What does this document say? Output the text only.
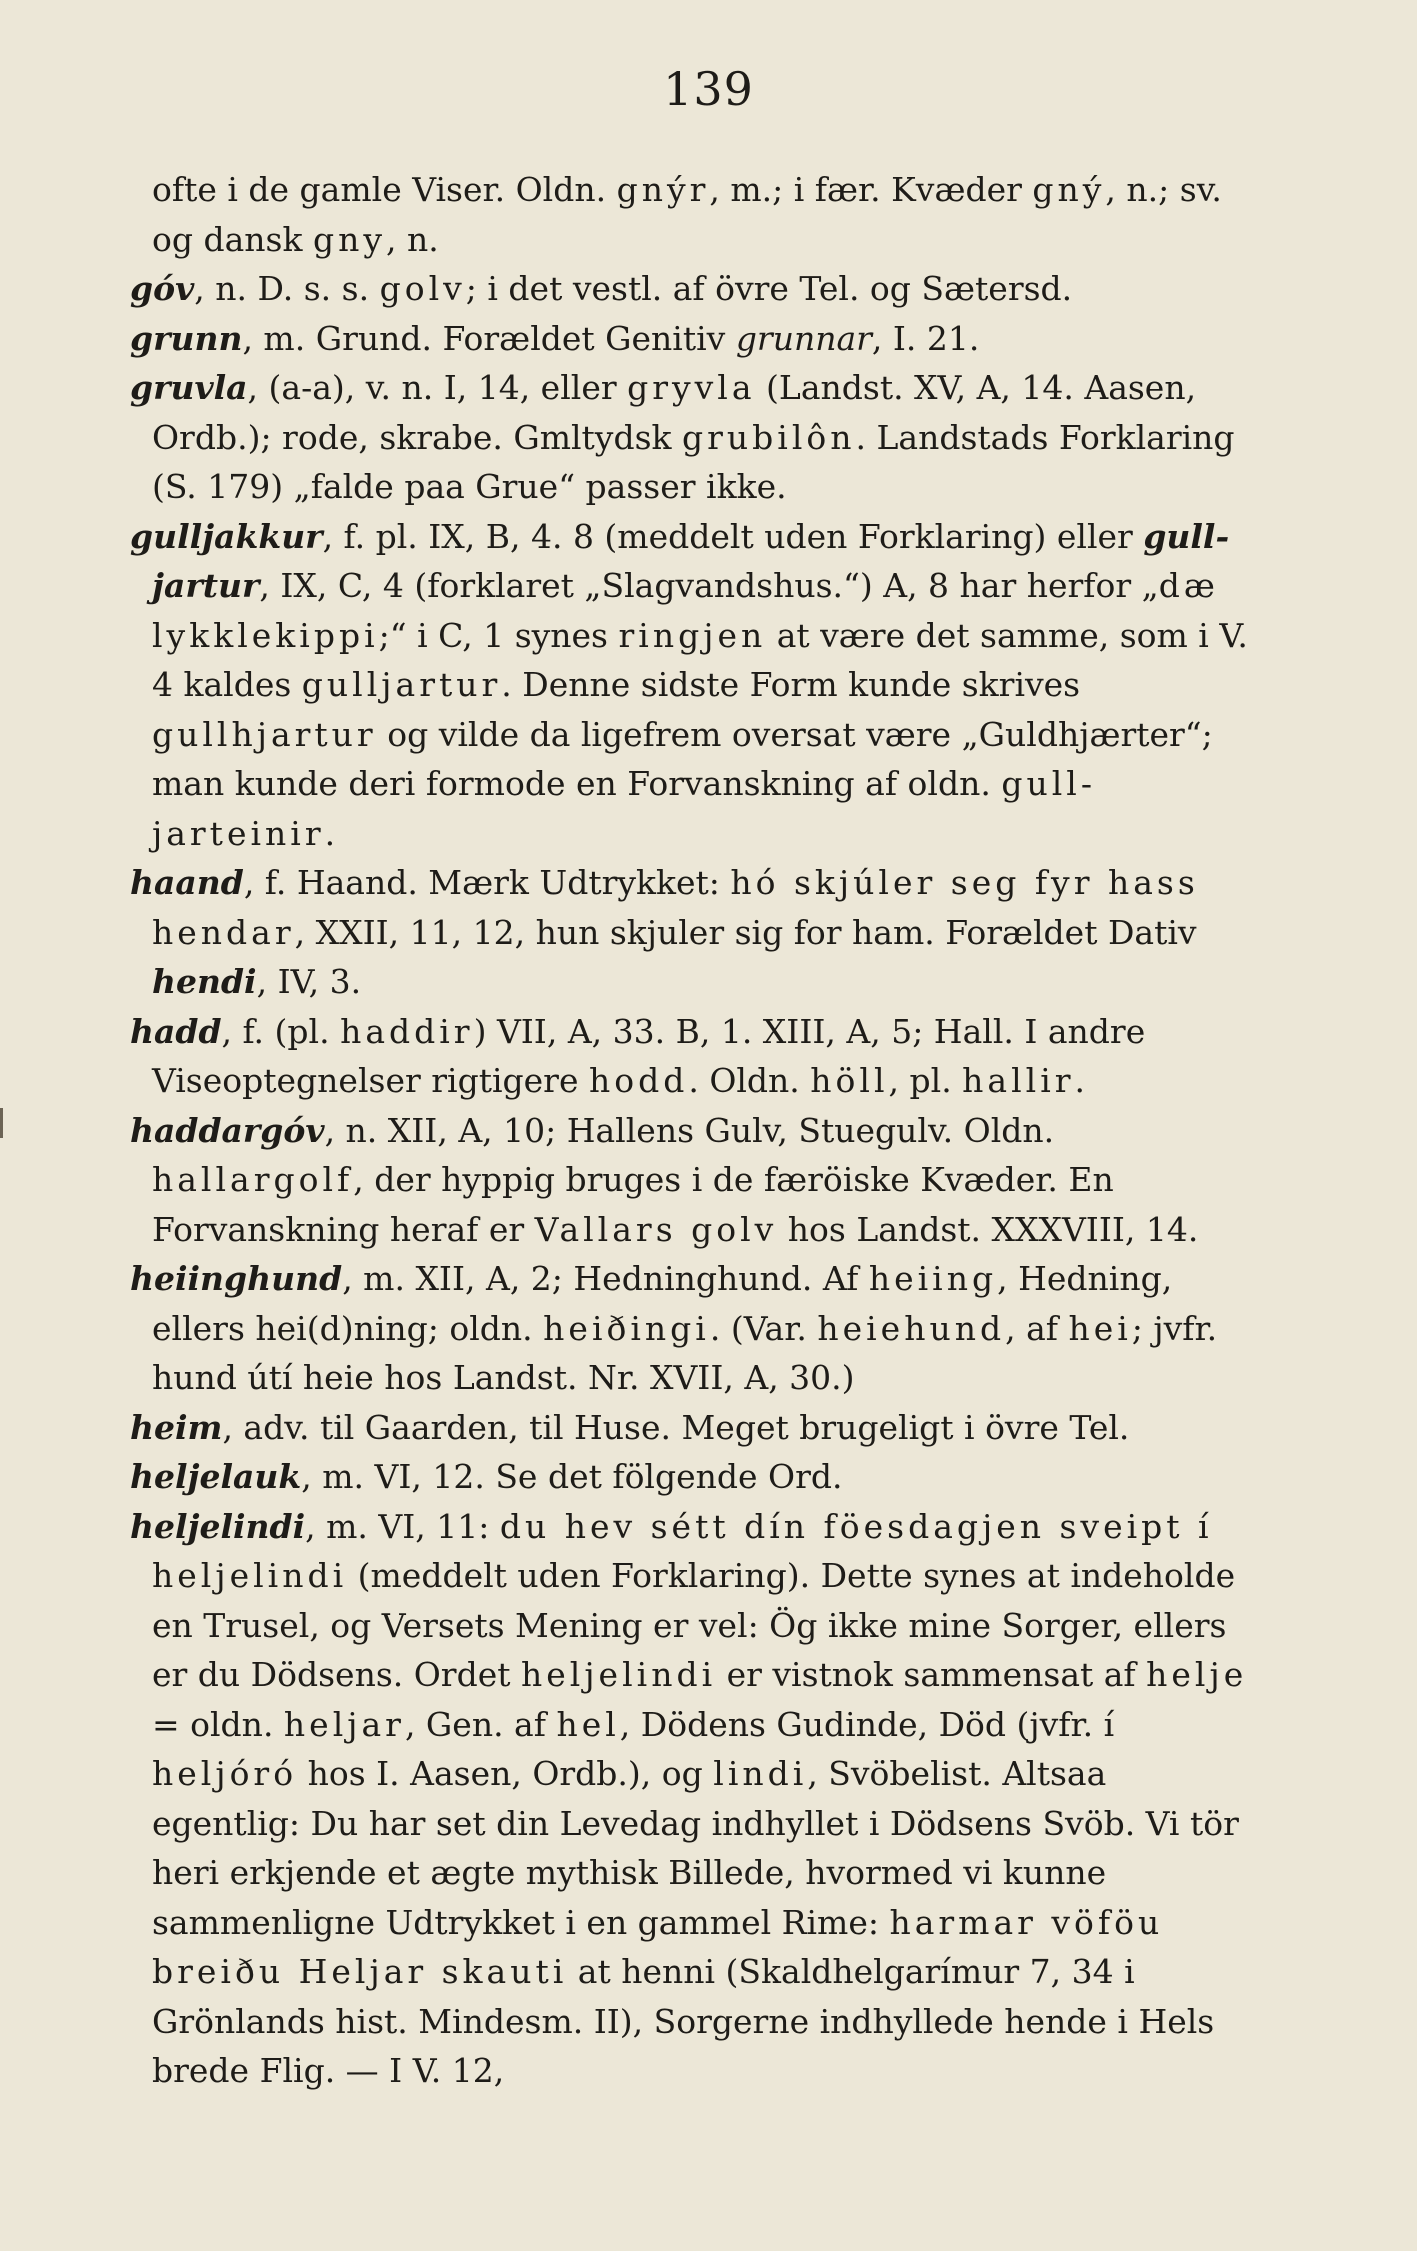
139

ofte i de gamle Viser. Oldn. gnýr, m.; i fær. Kvæder gný, n.; sv. og dansk gny, n.

góv, n. D. s. s. golv; i det vestl. af övre Tel. og Sætersd.

grunn, m. Grund. Forældet Genitiv grunnar, I. 21.

gruvla, (a-a), v. n. I, 14, eller gryvla (Landst. XV, A, 14. Aasen, Ordb.); rode, skrabe. Gmltydsk grubilôn. Landstads Forklaring (S. 179) „falde paa Grue“ passer ikke.

gulljakkur, f. pl. IX, B, 4. 8 (meddelt uden Forklaring) eller gull-jartur, IX, C, 4 (forklaret „Slagvandshus.“) A, 8 har herfor „dæ lykklekippi;“ i C, 1 synes ringjen at være det samme, som i V. 4 kaldes gulljartur. Denne sidste Form kunde skrives gullhjartur og vilde da ligefrem oversat være „Guldhjærter“; man kunde deri formode en Forvanskning af oldn. gull-jarteinir.

haand, f. Haand. Mærk Udtrykket: hó skjúler seg fyr hass hendar, XXII, 11, 12, hun skjuler sig for ham. Forældet Dativ hendi, IV, 3.

hadd, f. (pl. haddir) VII, A, 33. B, 1. XIII, A, 5; Hall. I andre Viseoptegnelser rigtigere hodd. Oldn. höll, pl. hallir.

haddargóv, n. XII, A, 10; Hallens Gulv, Stuegulv. Oldn. hallargolf, der hyppig bruges i de færöiske Kvæder. En Forvanskning heraf er Vallars golv hos Landst. XXXVIII, 14.

heiinghund, m. XII, A, 2; Hedninghund. Af heiing, Hedning, ellers hei(d)ning; oldn. heiðingi. (Var. heiehund, af hei; jvfr. hund útí heie hos Landst. Nr. XVII, A, 30.)

heim, adv. til Gaarden, til Huse. Meget brugeligt i övre Tel.

heljelauk, m. VI, 12. Se det fölgende Ord.

heljelindi, m. VI, 11: du hev sétt dín föesdagjen sveipt í heljelindi (meddelt uden Forklaring). Dette synes at indeholde en Trusel, og Versets Mening er vel: Ög ikke mine Sorger, ellers er du Dödsens. Ordet heljelindi er vistnok sammensat af helje = oldn. heljar, Gen. af hel, Dödens Gudinde, Död (jvfr. í heljóró hos I. Aasen, Ordb.), og lindi, Svöbelist. Altsaa egentlig: Du har set din Levedag indhyllet i Dödsens Svöb. Vi tör heri erkjende et ægte mythisk Billede, hvormed vi kunne sammenligne Udtrykket i en gammel Rime: harmar vöföu breiðu Heljar skauti at henni (Skaldhelgarímur 7, 34 i Grönlands hist. Mindesm. II), Sorgerne indhyllede hende i Hels brede Flig. — I V. 12,
